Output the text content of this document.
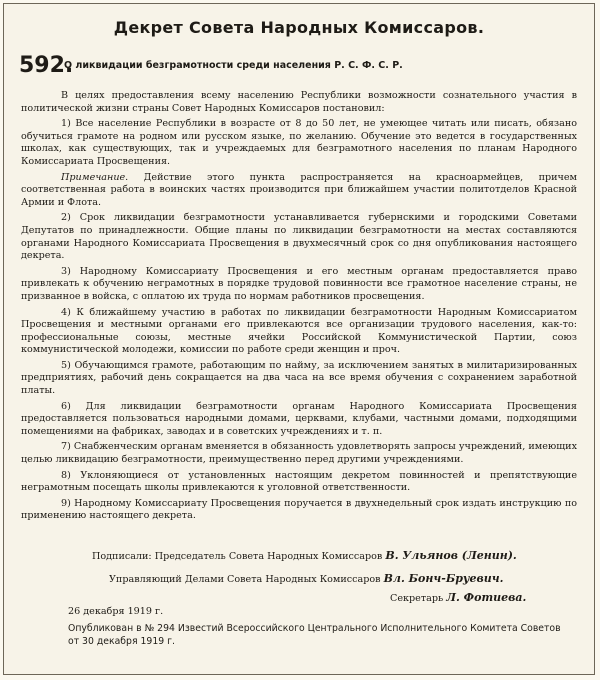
Декрет Совета Народных Комиссаров.
592.
О ликвидации безграмотности среди населения Р. С. Ф. С. Р.

В целях предоставления всему населению Республики возможности сознательного участия в политической жизни страны Совет Народных Комиссаров постановил:

1) Все население Республики в возрасте от 8 до 50 лет, не умеющее читать или писать, обязано обучиться грамоте на родном или русском языке, по желанию. Обучение это ведется в государственных школах, как существующих, так и учреждаемых для безграмотного населения по планам Народного Комиссариата Просвещения.

Примечание. Действие этого пункта распространяется на красноармейцев, причем соответственная работа в воинских частях производится при ближайшем участии политотделов Красной Армии и Флота.

2) Срок ликвидации безграмотности устанавливается губернскими и городскими Советами Депутатов по принадлежности. Общие планы по ликвидации безграмотности на местах составляются органами Народного Комиссариата Просвещения в двухмесячный срок со дня опубликования настоящего декрета.

3) Народному Комиссариату Просвещения и его местным органам предоставляется право привлекать к обучению неграмотных в порядке трудовой повинности все грамотное население страны, не призванное в войска, с оплатою их труда по нормам работников просвещения.

4) К ближайшему участию в работах по ликвидации безграмотности Народным Комиссариатом Просвещения и местными органами его привлекаются все организации трудового населения, как-то: профессиональные союзы, местные ячейки Российской Коммунистической Партии, союз коммунистической молодежи, комиссии по работе среди женщин и проч.

5) Обучающимся грамоте, работающим по найму, за исключением занятых в милитаризированных предприятиях, рабочий день сокращается на два часа на все время обучения с сохранением заработной платы.

6) Для ликвидации безграмотности органам Народного Комиссариата Просвещения предоставляется пользоваться народными домами, церквами, клубами, частными домами, подходящими помещениями на фабриках, заводах и в советских учреждениях и т. п.

7) Снабженческим органам вменяется в обязанность удовлетворять запросы учреждений, имеющих целью ликвидацию безграмотности, преимущественно перед другими учреждениями.

8) Уклоняющиеся от установленных настоящим декретом повинностей и препятствующие неграмотным посещать школы привлекаются к уголовной ответственности.

9) Народному Комиссариату Просвещения поручается в двухнедельный срок издать инструкцию по применению настоящего декрета.

Подписали: Председатель Совета Народных Комиссаров В. Ульянов (Ленин).
Управляющий Делами Совета Народных Комиссаров Вл. Бонч-Бруевич.
Секретарь Л. Фотиева.
26 декабря 1919 г.
Опубликован в № 294 Известий Всероссийского Центрального Исполнительного Комитета Советов от 30 декабря 1919 г.
